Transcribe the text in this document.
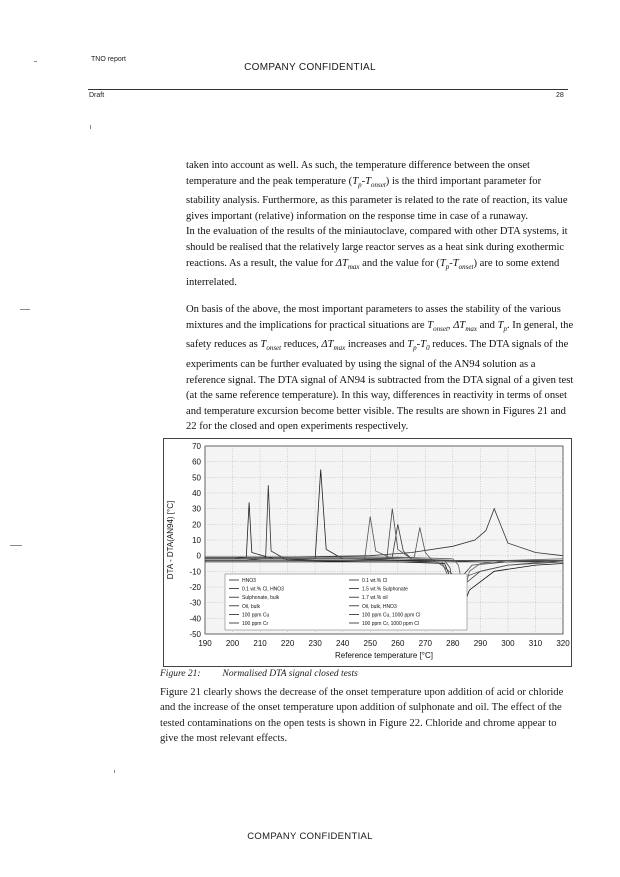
TNO report
COMPANY CONFIDENTIAL
Draft	28

taken into account as well. As such, the temperature difference between the onset temperature and the peak temperature $(T_p-T_{onset})$ is the third important parameter for stability analysis. Furthermore, as this parameter is related to the rate of reaction, its value gives important (relative) information on the response time in case of a runaway.
In the evaluation of the results of the miniautoclave, compared with other DTA systems, it should be realised that the relatively large reactor serves as a heat sink during exothermic reactions. As a result, the value for $\Delta T_{max}$ and the value for $(T_p-T_{onset})$ are to some extend interrelated.

On basis of the above, the most important parameters to asses the stability of the various mixtures and the implications for practical situations are $T_{onset}$, $\Delta T_{max}$ and $T_p$. In general, the safety reduces as $T_{onset}$ reduces, $\Delta T_{max}$ increases and $T_p-T_0$ reduces. The DTA signals of the experiments can be further evaluated by using the signal of the AN94 solution as a reference signal. The DTA signal of AN94 is subtracted from the DTA signal of a given test (at the same reference temperature). In this way, differences in reactivity in terms of onset and temperature excursion become better visible. The results are shown in Figures 21 and 22 for the closed and open experiments respectively.

190 200 210 220 230 240 250 260 270 280 290 300 310 320
70
60
50
40
30
20
10
0
-10
-20
-30
-40
-50
Reference temperature [°C]
DTA - DTA(AN94) [°C]
HNO3	0.1 wt.% Cl
0.1 wt.% Cl, HNO3	1.5 wt.% Sulphonate
Sulphonate, bulk	1.7 wt.% oil
Oil, bulk	Oil, bulk, HNO3
100 ppm Cu	100 ppm Cu, 1000 ppm Cl
100 ppm Cr	100 ppm Cr, 1000 ppm Cl
Figure 21: Normalised DTA signal closed tests
Figure 21 clearly shows the decrease of the onset temperature upon addition of acid or chloride and the increase of the onset temperature upon addition of sulphonate and oil. The effect of the tested contaminations on the open tests is shown in Figure 22. Chloride and chrome appear to give the most relevant effects.
COMPANY CONFIDENTIAL
